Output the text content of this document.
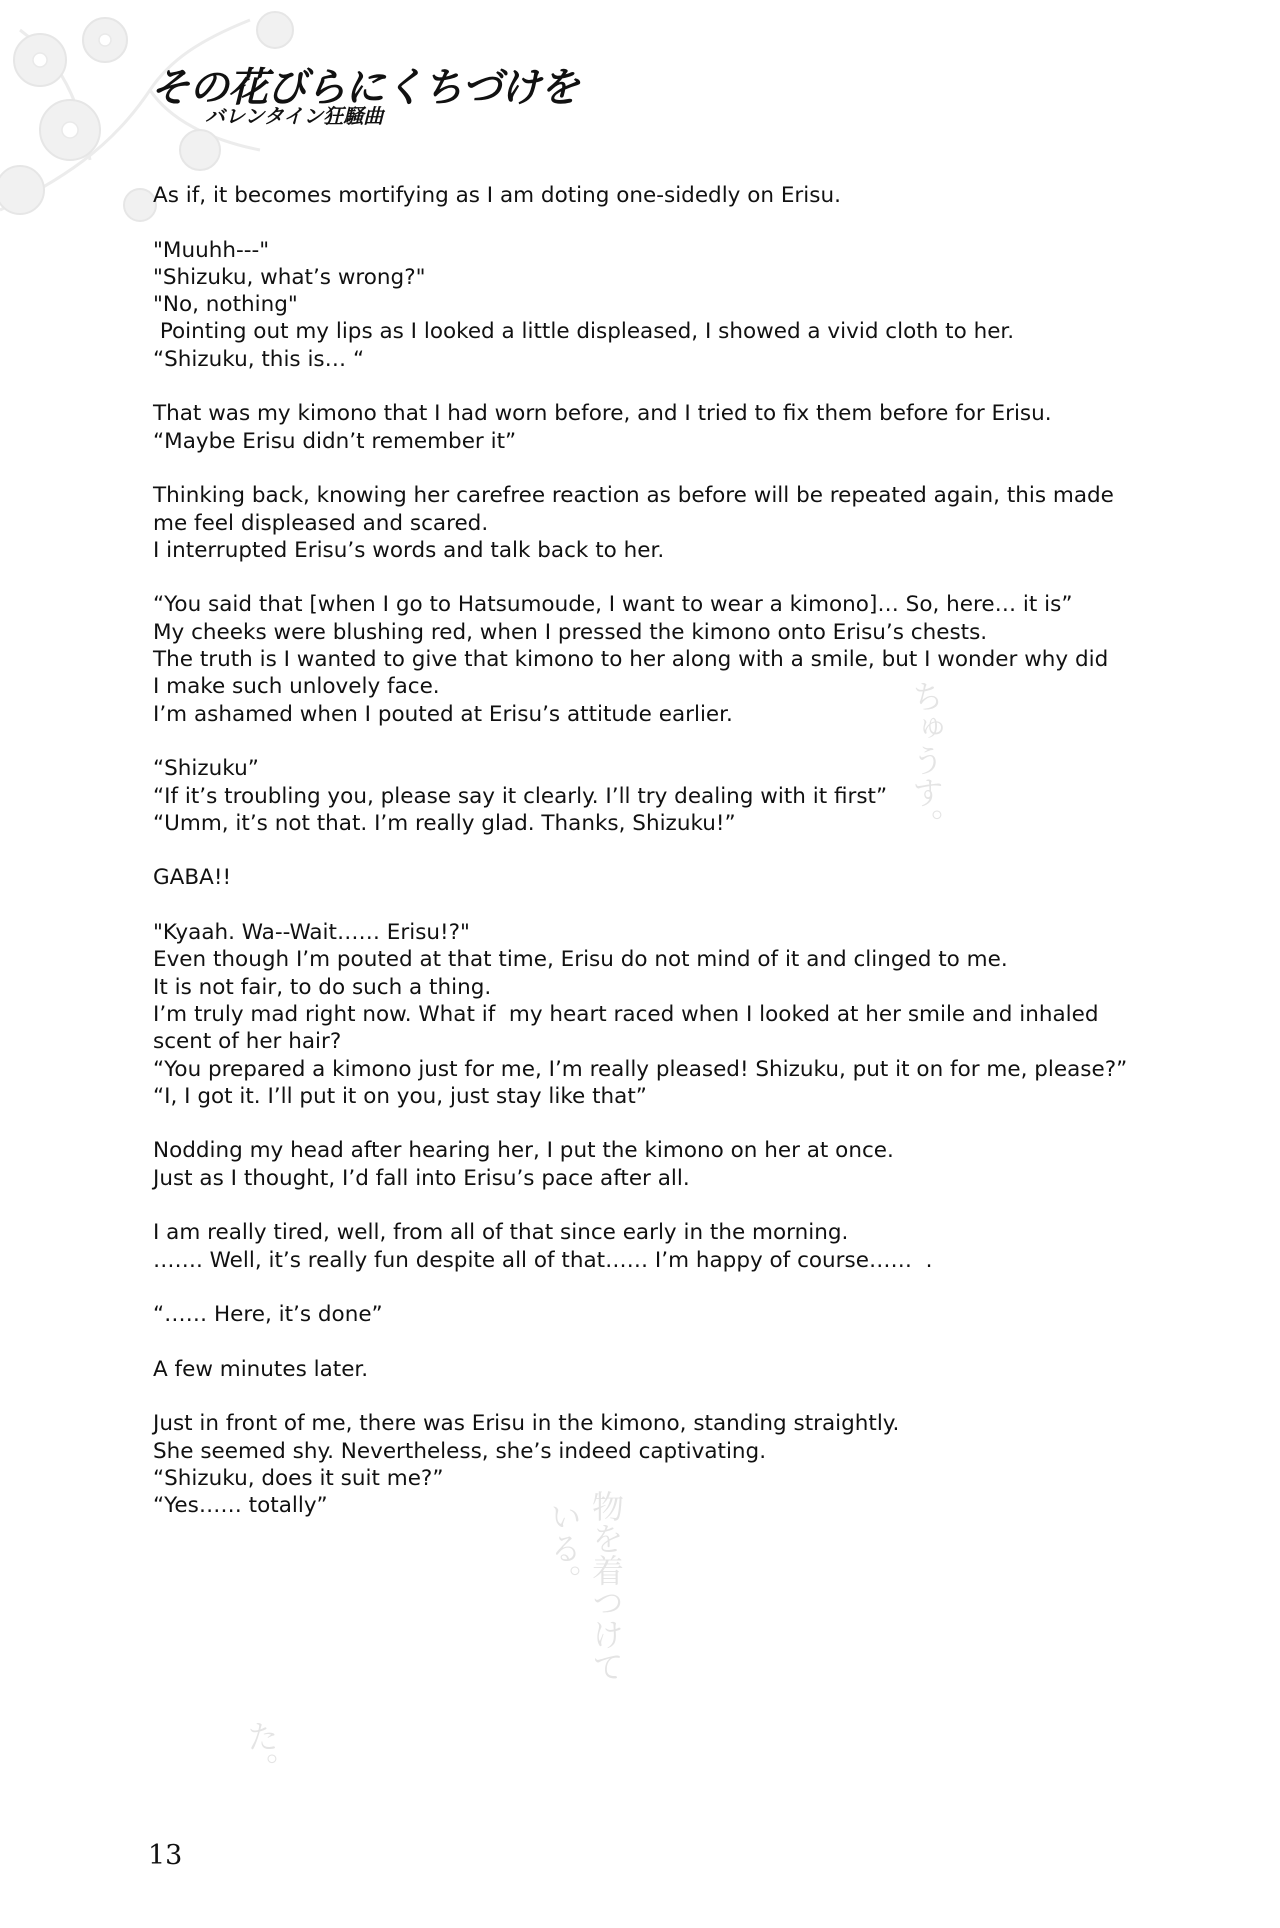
その花びらにくちづけを
バレンタイン狂騒曲
ちゅうす。
物を着つけて
いる。
た。
As if, it becomes mortifying as I am doting one-sidedly on Erisu.
"Muuhh---"
"Shizuku, what’s wrong?"
"No, nothing"
Pointing out my lips as I looked a little displeased, I showed a vivid cloth to her.
“Shizuku, this is… “
That was my kimono that I had worn before, and I tried to fix them before for Erisu.
“Maybe Erisu didn’t remember it”
Thinking back, knowing her carefree reaction as before will be repeated again, this made
me feel displeased and scared.
I interrupted Erisu’s words and talk back to her.
“You said that [when I go to Hatsumoude, I want to wear a kimono]… So, here… it is”
My cheeks were blushing red, when I pressed the kimono onto Erisu’s chests.
The truth is I wanted to give that kimono to her along with a smile, but I wonder why did
I make such unlovely face.
I’m ashamed when I pouted at Erisu’s attitude earlier.
“Shizuku”
“If it’s troubling you, please say it clearly. I’ll try dealing with it first”
“Umm, it’s not that. I’m really glad. Thanks, Shizuku!”
GABA!!
"Kyaah. Wa--Wait…… Erisu!?"
Even though I’m pouted at that time, Erisu do not mind of it and clinged to me.
It is not fair, to do such a thing.
I’m truly mad right now. What if  my heart raced when I looked at her smile and inhaled
scent of her hair?
“You prepared a kimono just for me, I’m really pleased! Shizuku, put it on for me, please?”
“I, I got it. I’ll put it on you, just stay like that”
Nodding my head after hearing her, I put the kimono on her at once.
Just as I thought, I’d fall into Erisu’s pace after all.
I am really tired, well, from all of that since early in the morning.
……. Well, it’s really fun despite all of that…… I’m happy of course……  .
“…… Here, it’s done”
A few minutes later.
Just in front of me, there was Erisu in the kimono, standing straightly.
She seemed shy. Nevertheless, she’s indeed captivating.
“Shizuku, does it suit me?”
“Yes…… totally”
13
